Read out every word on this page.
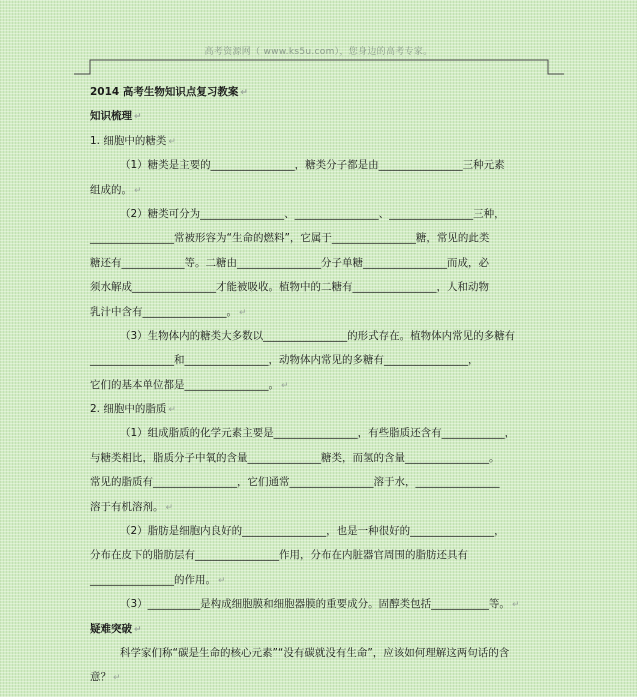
高考资源网（ www.ks5u.com），您身边的高考专家。
2014 高考生物知识点复习教案 ↵
知识梳理 ↵
1. 细胞中的糖类 ↵
（1）糖类是主要的________________，糖类分子都是由________________三种元素
组成的。 ↵
（2）糖类可分为________________、________________、________________三种，
________________常被形容为“生命的燃料”，它属于________________糖，常见的此类
糖还有____________等。二糖由________________分子单糖________________而成，必
须水解成________________才能被吸收。植物中的二糖有________________，人和动物
乳汁中含有________________。 ↵
（3）生物体内的糖类大多数以________________的形式存在。植物体内常见的多糖有
________________和________________，动物体内常见的多糖有________________，
它们的基本单位都是________________。 ↵
2. 细胞中的脂质 ↵
（1）组成脂质的化学元素主要是________________，有些脂质还含有____________，
与糖类相比，脂质分子中氧的含量______________糖类，而氢的含量________________。
常见的脂质有________________，它们通常________________溶于水，________________
溶于有机溶剂。 ↵
（2）脂肪是细胞内良好的________________，也是一种很好的________________，
分布在皮下的脂肪层有________________作用，分布在内脏器官周围的脂肪还具有
________________的作用。 ↵
（3）__________是构成细胞膜和细胞器膜的重要成分。固醇类包括___________等。 ↵
疑难突破 ↵
科学家们称“碳是生命的核心元素”“没有碳就没有生命”，应该如何理解这两句话的含
意？ ↵
